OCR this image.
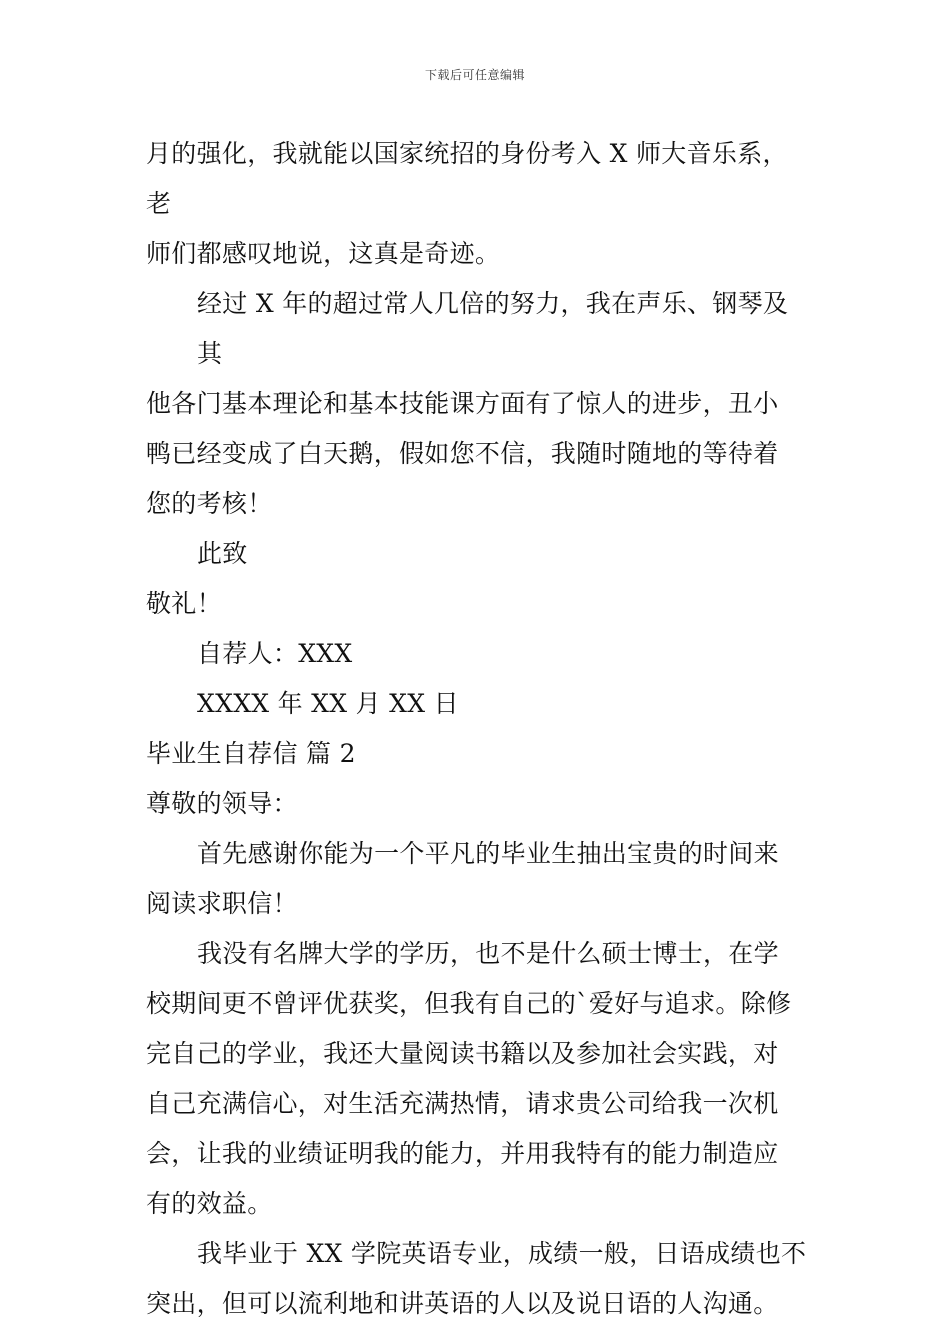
下载后可任意编辑

月的强化，我就能以国家统招的身份考入 X 师大音乐系，老

师们都感叹地说，这真是奇迹。

经过 X 年的超过常人几倍的努力，我在声乐、钢琴及其

他各门基本理论和基本技能课方面有了惊人的进步，丑小

鸭已经变成了白天鹅，假如您不信，我随时随地的等待着

您的考核！

此致

敬礼！

自荐人：XXX

XXXX 年 XX 月 XX 日

毕业生自荐信 篇 2

尊敬的领导：

首先感谢你能为一个平凡的毕业生抽出宝贵的时间来

阅读求职信！

我没有名牌大学的学历，也不是什么硕士博士，在学

校期间更不曾评优获奖，但我有自己的`爱好与追求。除修

完自己的学业，我还大量阅读书籍以及参加社会实践，对

自己充满信心，对生活充满热情，请求贵公司给我一次机

会，让我的业绩证明我的能力，并用我特有的能力制造应

有的效益。

我毕业于 XX 学院英语专业，成绩一般，日语成绩也不

突出，但可以流利地和讲英语的人以及说日语的人沟通。
